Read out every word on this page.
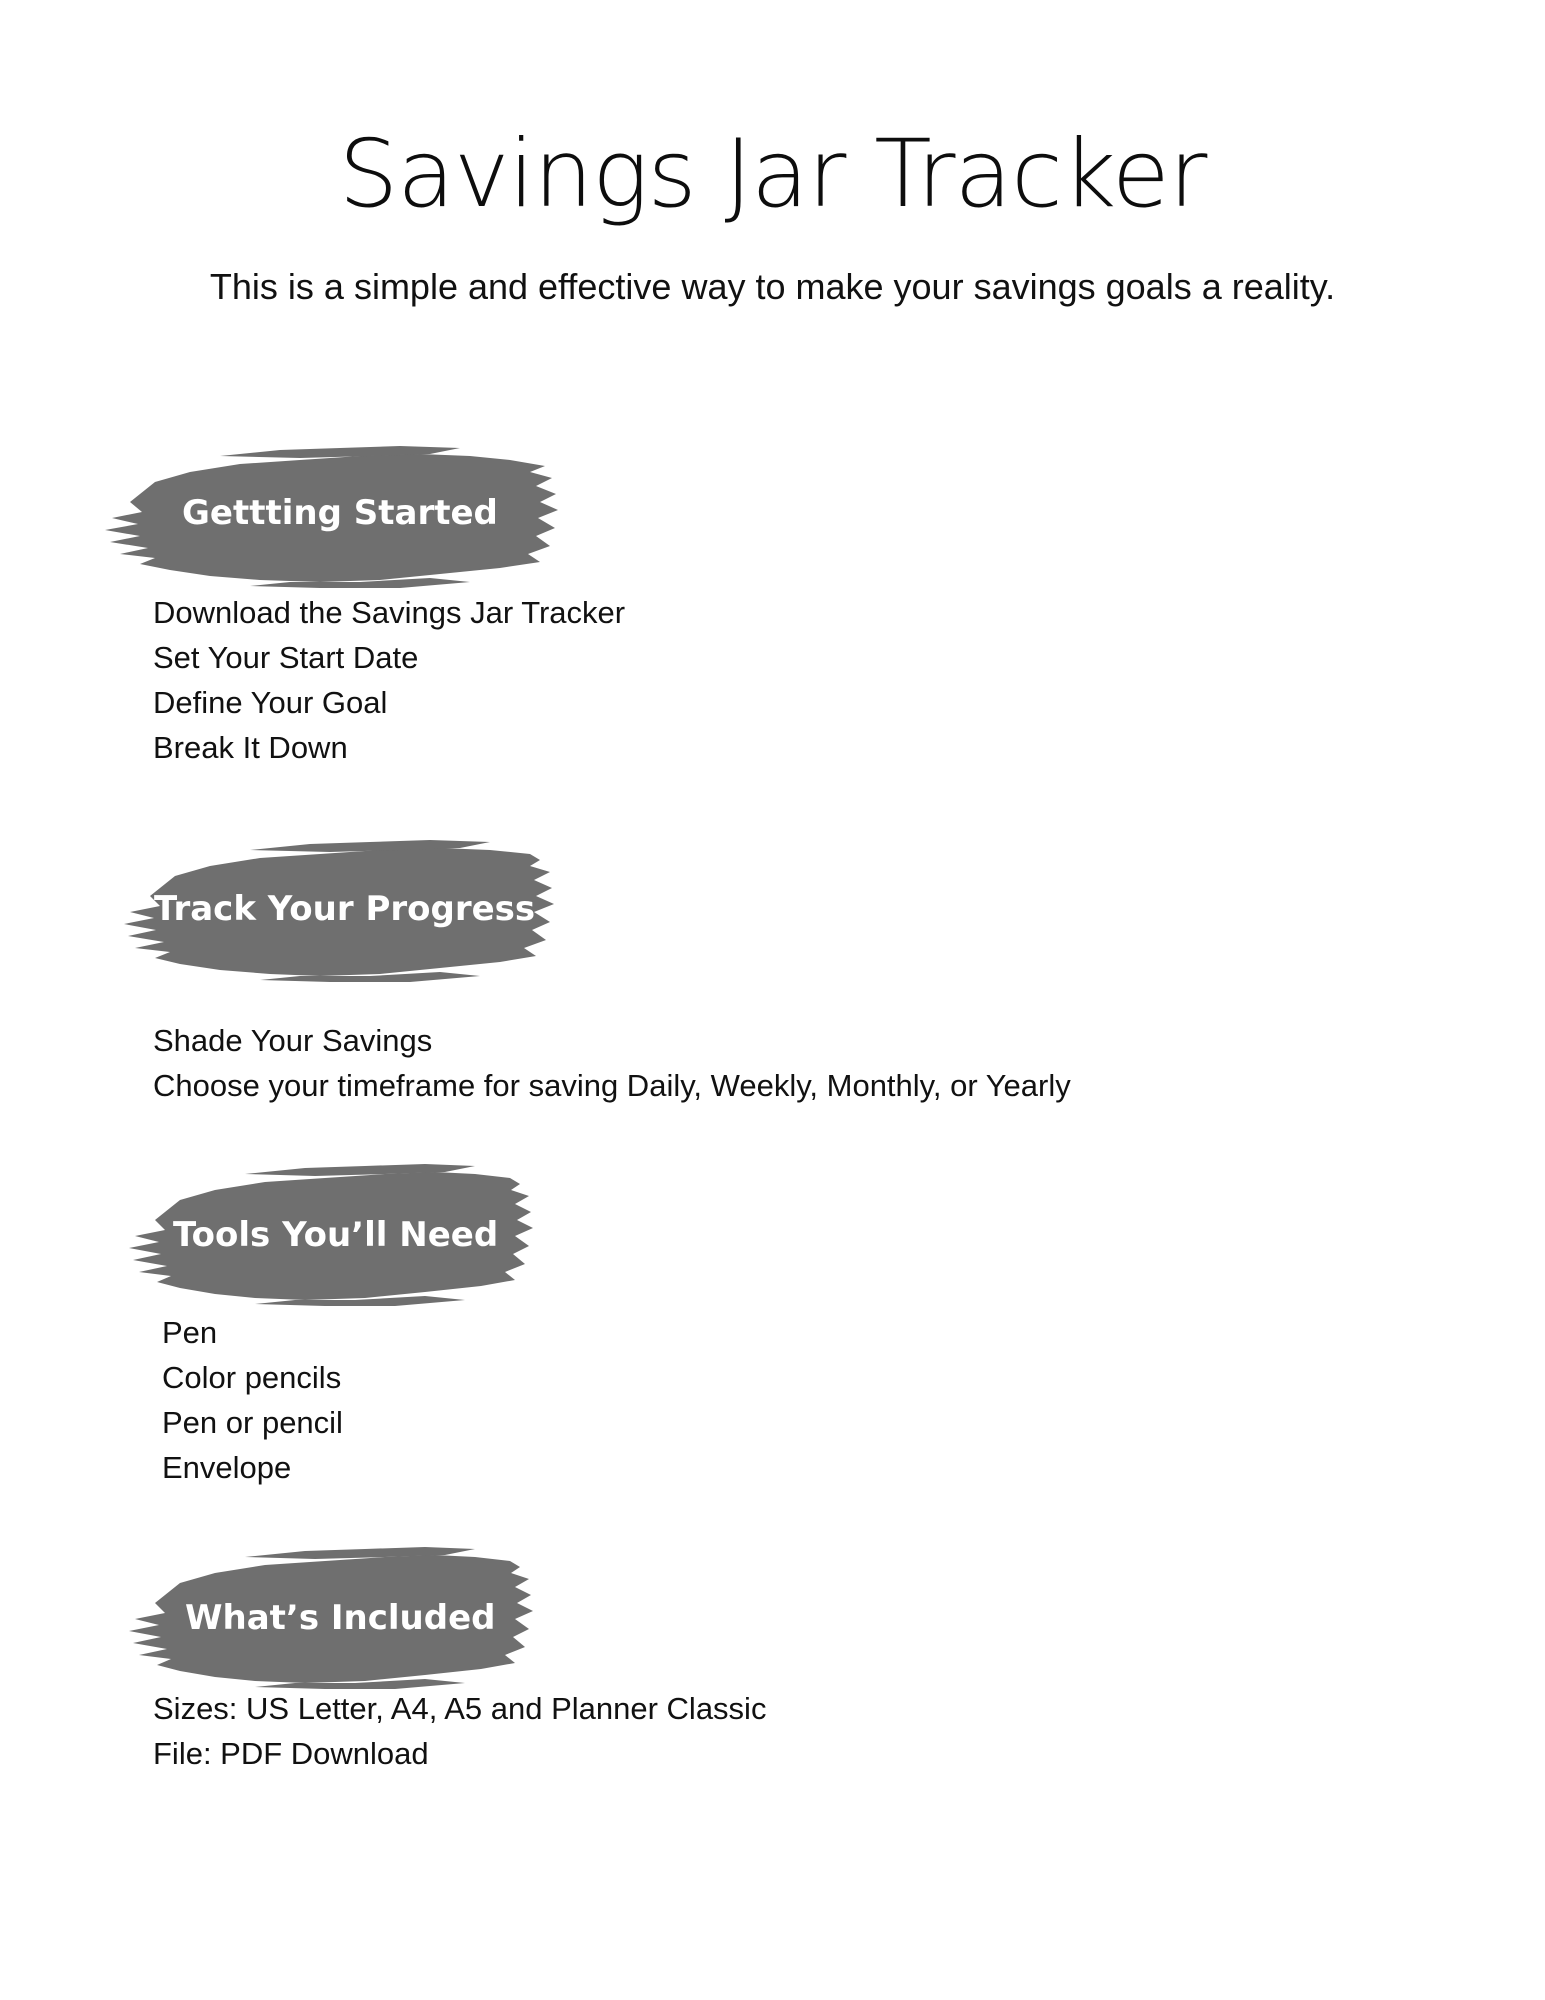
Savings Jar Tracker

This is a simple and effective way to make your savings goals a reality.

Gettting Started
Download the Savings Jar Tracker
Set Your Start Date
Define Your Goal
Break It Down
Track Your Progress
Shade Your Savings
Choose your timeframe for saving Daily, Weekly, Monthly, or Yearly
Tools You’ll Need
Pen
Color pencils
Pen or pencil
Envelope
What’s Included
Sizes: US Letter, A4, A5 and Planner Classic
File: PDF Download
